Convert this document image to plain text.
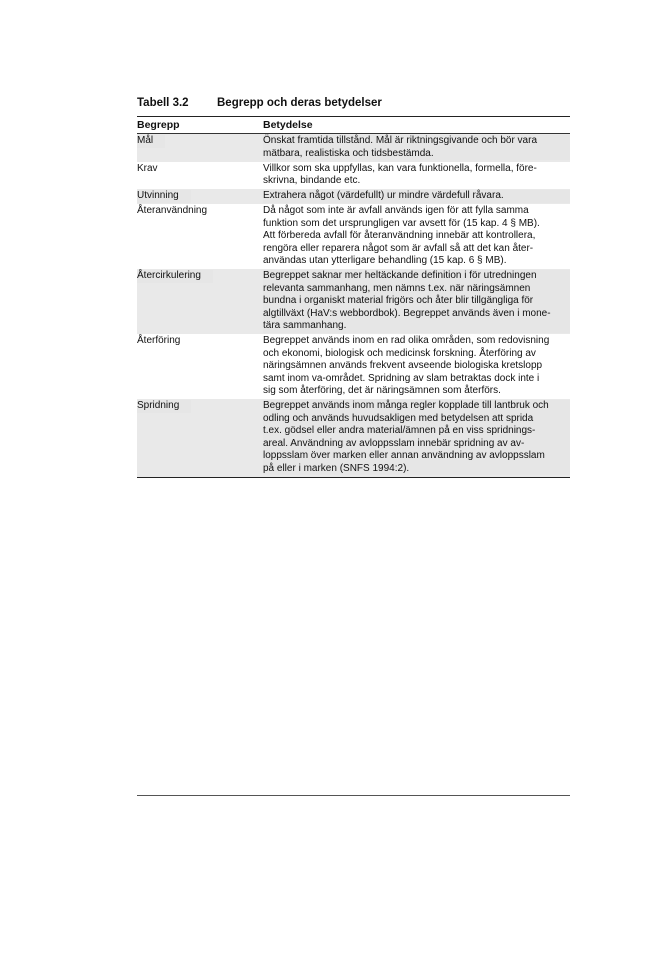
Tabell 3.2	Begrepp och deras betydelser
Begrepp	Betydelse
Mål	Önskat framtida tillstånd. Mål är riktningsgivande och bör vara
mätbara, realistiska och tidsbestämda.
Krav	Villkor som ska uppfyllas, kan vara funktionella, formella, före-
skrivna, bindande etc.
Utvinning	Extrahera något (värdefullt) ur mindre värdefull råvara.
Återanvändning	Då något som inte är avfall används igen för att fylla samma
funktion som det ursprungligen var avsett för (15 kap. 4 § MB).
Att förbereda avfall för återanvändning innebär att kontrollera,
rengöra eller reparera något som är avfall så att det kan åter-
användas utan ytterligare behandling (15 kap. 6 § MB).
Återcirkulering	Begreppet saknar mer heltäckande definition i för utredningen
relevanta sammanhang, men nämns t.ex. när näringsämnen
bundna i organiskt material frigörs och åter blir tillgängliga för
algtillväxt (HaV:s webbordbok). Begreppet används även i mone-
tära sammanhang.
Återföring	Begreppet används inom en rad olika områden, som redovisning
och ekonomi, biologisk och medicinsk forskning. Återföring av
näringsämnen används frekvent avseende biologiska kretslopp
samt inom va-området. Spridning av slam betraktas dock inte i
sig som återföring, det är näringsämnen som återförs.
Spridning	Begreppet används inom många regler kopplade till lantbruk och
odling och används huvudsakligen med betydelsen att sprida
t.ex. gödsel eller andra material/ämnen på en viss spridnings-
areal. Användning av avloppsslam innebär spridning av av-
loppsslam över marken eller annan användning av avloppsslam
på eller i marken (SNFS 1994:2).
